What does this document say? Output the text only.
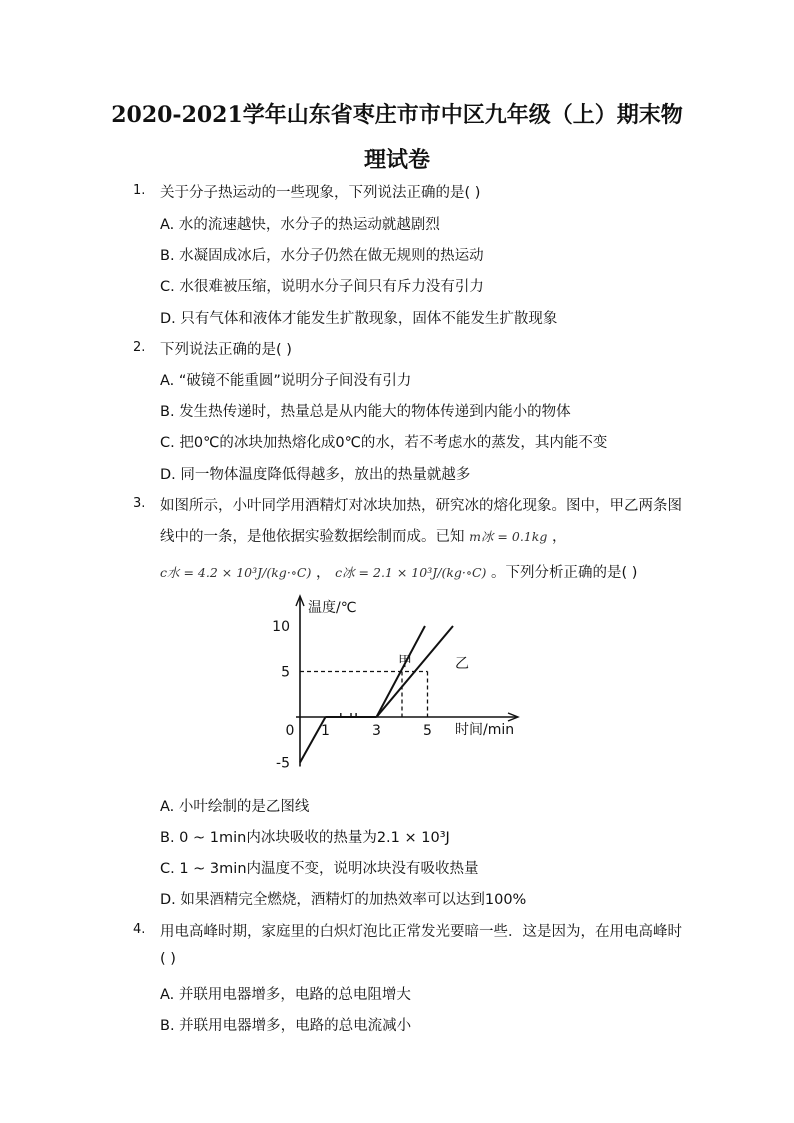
2020-2021学年山东省枣庄市市中区九年级（上）期末物
理试卷
1. 关于分子热运动的一些现象，下列说法正确的是( )
A. 水的流速越快，水分子的热运动就越剧烈
B. 水凝固成冰后，水分子仍然在做无规则的热运动
C. 水很难被压缩，说明水分子间只有斥力没有引力
D. 只有气体和液体才能发生扩散现象，固体不能发生扩散现象
2. 下列说法正确的是( )
A. “破镜不能重圆”说明分子间没有引力
B. 发生热传递时，热量总是从内能大的物体传递到内能小的物体
C. 把0℃的冰块加热熔化成0℃的水，若不考虑水的蒸发，其内能不变
D. 同一物体温度降低得越多，放出的热量就越多
3. 如图所示，小叶同学用酒精灯对冰块加热，研究冰的熔化现象。图中，甲乙两条图
线中的一条，是他依据实验数据绘制而成。已知 m冰 = 0.1kg ，
c水 = 4.2 × 10³J/(kg·∘C) ， c冰 = 2.1 × 10³J/(kg·∘C) 。下列分析正确的是( )
10
5
-5
0 1	3	5
温度/℃
时间/min
甲	乙
A. 小叶绘制的是乙图线
B. 0 ~ 1min内冰块吸收的热量为2.1 × 10³J
C. 1 ~ 3min内温度不变，说明冰块没有吸收热量
D. 如果酒精完全燃烧，酒精灯的加热效率可以达到100%
4. 用电高峰时期，家庭里的白炽灯泡比正常发光要暗一些．这是因为，在用电高峰时
( )
A. 并联用电器增多，电路的总电阻增大
B. 并联用电器增多，电路的总电流减小
